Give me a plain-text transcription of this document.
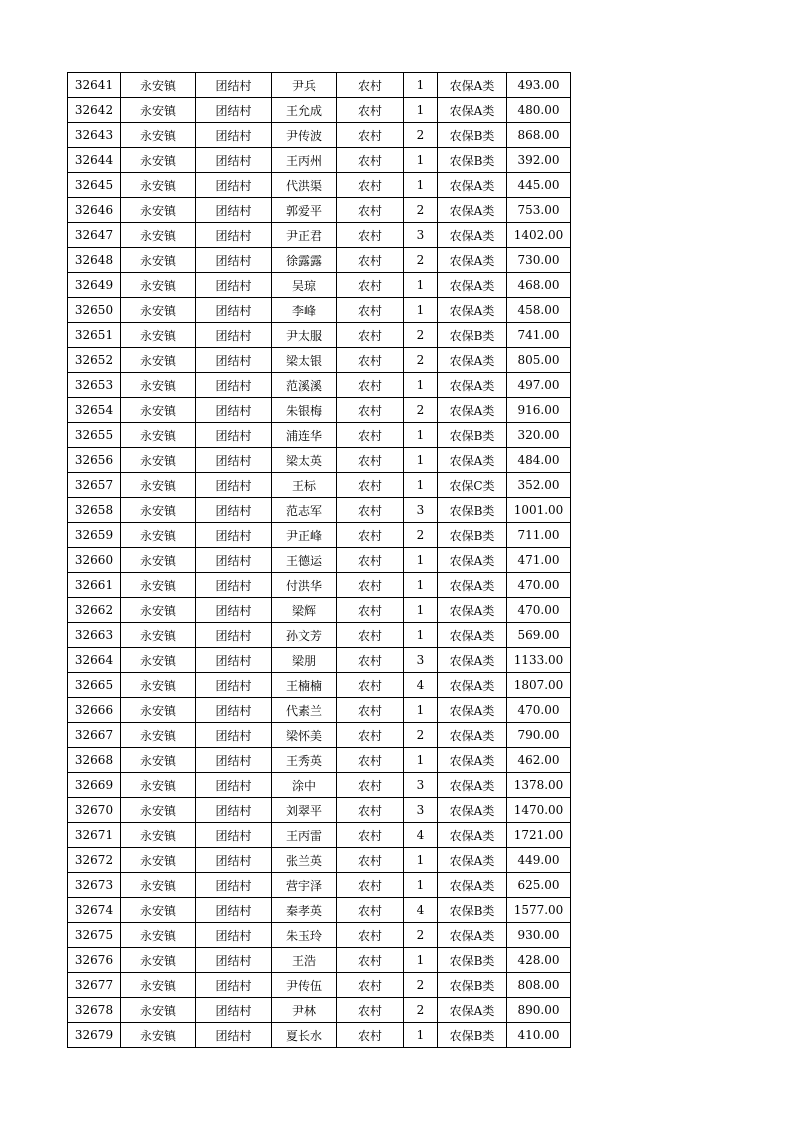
32641	永安镇	团结村	尹兵	农村	1	农保A类	493.00
32642	永安镇	团结村	王允成	农村	1	农保A类	480.00
32643	永安镇	团结村	尹传波	农村	2	农保B类	868.00
32644	永安镇	团结村	王丙州	农村	1	农保B类	392.00
32645	永安镇	团结村	代洪渠	农村	1	农保A类	445.00
32646	永安镇	团结村	郭爱平	农村	2	农保A类	753.00
32647	永安镇	团结村	尹正君	农村	3	农保A类	1402.00
32648	永安镇	团结村	徐露露	农村	2	农保A类	730.00
32649	永安镇	团结村	吴琼	农村	1	农保A类	468.00
32650	永安镇	团结村	李峰	农村	1	农保A类	458.00
32651	永安镇	团结村	尹太服	农村	2	农保B类	741.00
32652	永安镇	团结村	梁太银	农村	2	农保A类	805.00
32653	永安镇	团结村	范溪溪	农村	1	农保A类	497.00
32654	永安镇	团结村	朱银梅	农村	2	农保A类	916.00
32655	永安镇	团结村	浦连华	农村	1	农保B类	320.00
32656	永安镇	团结村	梁太英	农村	1	农保A类	484.00
32657	永安镇	团结村	王标	农村	1	农保C类	352.00
32658	永安镇	团结村	范志军	农村	3	农保B类	1001.00
32659	永安镇	团结村	尹正峰	农村	2	农保B类	711.00
32660	永安镇	团结村	王德运	农村	1	农保A类	471.00
32661	永安镇	团结村	付洪华	农村	1	农保A类	470.00
32662	永安镇	团结村	梁辉	农村	1	农保A类	470.00
32663	永安镇	团结村	孙文芳	农村	1	农保A类	569.00
32664	永安镇	团结村	梁朋	农村	3	农保A类	1133.00
32665	永安镇	团结村	王楠楠	农村	4	农保A类	1807.00
32666	永安镇	团结村	代素兰	农村	1	农保A类	470.00
32667	永安镇	团结村	梁怀美	农村	2	农保A类	790.00
32668	永安镇	团结村	王秀英	农村	1	农保A类	462.00
32669	永安镇	团结村	涂中	农村	3	农保A类	1378.00
32670	永安镇	团结村	刘翠平	农村	3	农保A类	1470.00
32671	永安镇	团结村	王丙雷	农村	4	农保A类	1721.00
32672	永安镇	团结村	张兰英	农村	1	农保A类	449.00
32673	永安镇	团结村	营宇泽	农村	1	农保A类	625.00
32674	永安镇	团结村	秦孝英	农村	4	农保B类	1577.00
32675	永安镇	团结村	朱玉玲	农村	2	农保A类	930.00
32676	永安镇	团结村	王浩	农村	1	农保B类	428.00
32677	永安镇	团结村	尹传伍	农村	2	农保B类	808.00
32678	永安镇	团结村	尹林	农村	2	农保A类	890.00
32679	永安镇	团结村	夏长水	农村	1	农保B类	410.00
